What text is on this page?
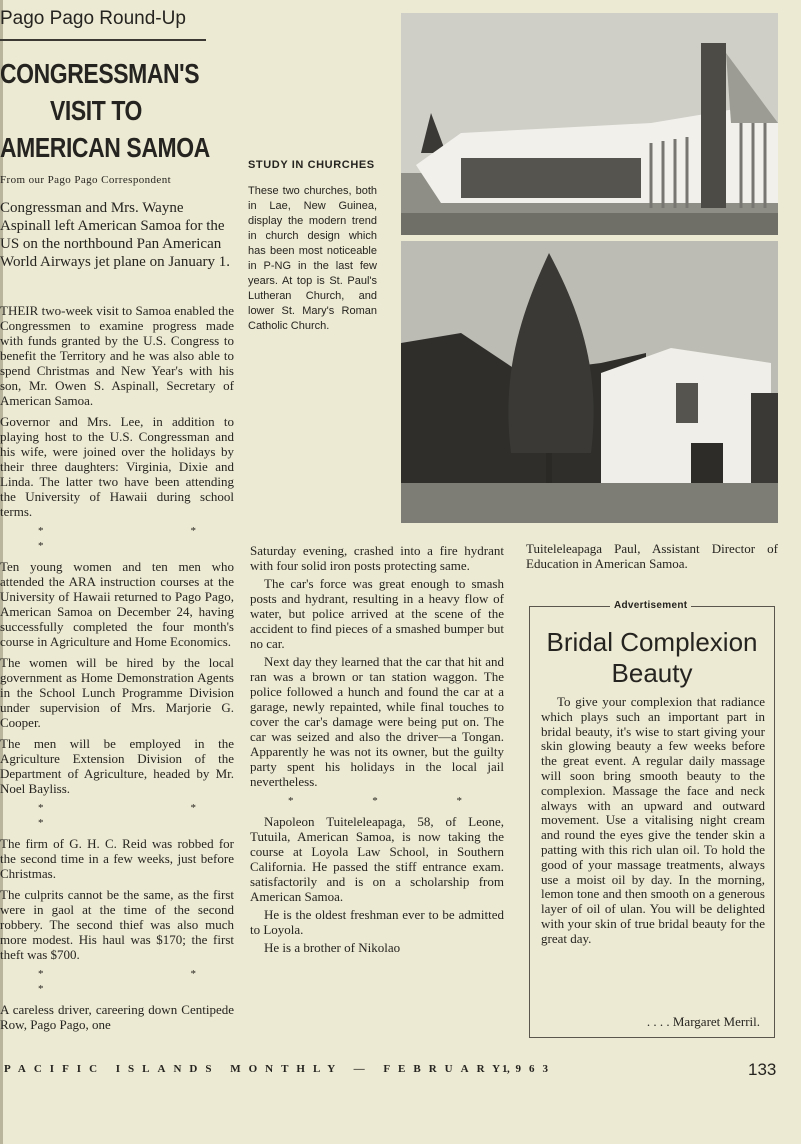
Pago Pago Round-Up
CONGRESSMAN'S
VISIT TO
AMERICAN SAMOA
From our Pago Pago Correspondent
Congressman and Mrs. Wayne Aspinall left American Samoa for the US on the northbound Pan American World Airways jet plane on January 1.

THEIR two-week visit to Samoa enabled the Congressmen to examine progress made with funds granted by the U.S. Congress to benefit the Territory and he was also able to spend Christmas and New Year's with his son, Mr. Owen S. Aspinall, Secretary of American Samoa.

Governor and Mrs. Lee, in addition to playing host to the U.S. Congressman and his wife, were joined over the holidays by their three daughters: Virginia, Dixie and Linda. The latter two have been attending the University of Hawaii during school terms.

* * *

Ten young women and ten men who attended the ARA instruction courses at the University of Hawaii returned to Pago Pago, American Samoa on December 24, having successfully completed the four month's course in Agriculture and Home Economics.

The women will be hired by the local government as Home Demonstration Agents in the School Lunch Programme Division under supervision of Mrs. Marjorie G. Cooper.

The men will be employed in the Agriculture Extension Division of the Department of Agriculture, headed by Mr. Noel Bayliss.

* * *

The firm of G. H. C. Reid was robbed for the second time in a few weeks, just before Christmas.

The culprits cannot be the same, as the first were in gaol at the time of the second robbery. The second thief was also much more modest. His haul was $170; the first theft was $700.

* * *

A careless driver, careering down Centipede Row, Pago Pago, one

STUDY IN CHURCHES
These two churches, both in Lae, New Guinea, display the modern trend in church design which has been most noticeable in P-NG in the last few years. At top is St. Paul's Lutheran Church, and lower St. Mary's Roman Catholic Church.

Saturday evening, crashed into a fire hydrant with four solid iron posts protecting same.

The car's force was great enough to smash posts and hydrant, resulting in a heavy flow of water, but police arrived at the scene of the accident to find pieces of a smashed bumper but no car.

Next day they learned that the car that hit and ran was a brown or tan station waggon. The police followed a hunch and found the car at a garage, newly repainted, while final touches to cover the car's damage were being put on. The car was seized and also the driver—a Tongan. Apparently he was not its owner, but the guilty party spent his holidays in the local jail nevertheless.

* * *

Napoleon Tuiteleleapaga, 58, of Leone, Tutuila, American Samoa, is now taking the course at Loyola Law School, in Southern California. He passed the stiff entrance exam. satisfactorily and is on a scholarship from American Samoa.

He is the oldest freshman ever to be admitted to Loyola.

He is a brother of Nikolao

Tuiteleleapaga Paul, Assistant Director of Education in American Samoa.
Advertisement
Bridal Complexion Beauty
To give your complexion that radiance which plays such an important part in bridal beauty, it's wise to start giving your skin glowing beauty a few weeks before the great event. A regular daily massage will soon bring smooth beauty to the complexion. Massage the face and neck always with an upward and outward movement. Use a vitalising night cream and round the eyes give the tender skin a patting with this rich ulan oil. To hold the good of your massage treatments, always use a moist oil by day. In the morning, lemon tone and then smooth on a generous layer of oil of ulan. You will be delighted with your skin of true bridal beauty for the great day.
. . . . Margaret Merril.
PACIFIC ISLANDS MONTHLY — FEBRUARY,
1963	133
